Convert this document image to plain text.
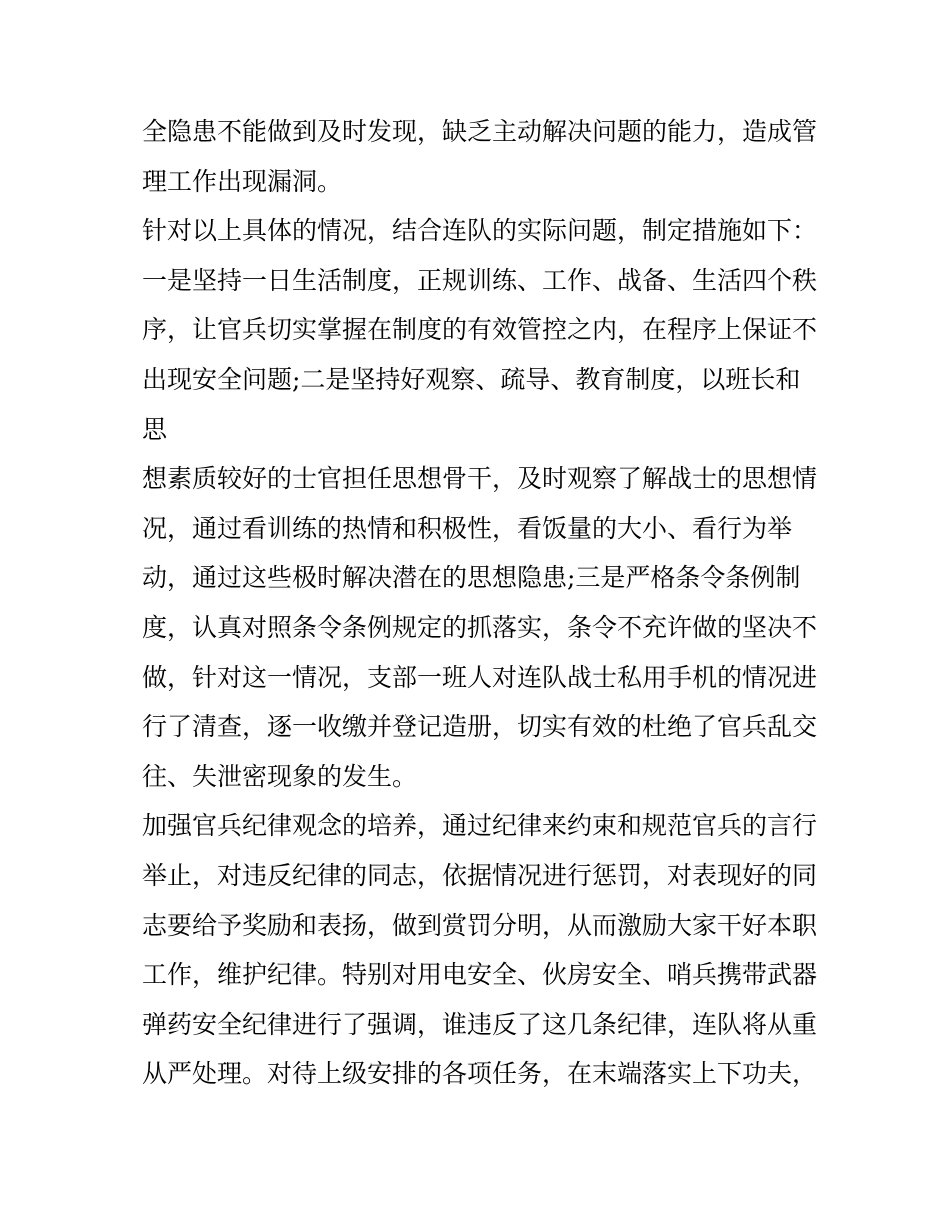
全隐患不能做到及时发现，缺乏主动解决问题的能力，造成管
理工作出现漏洞。
针对以上具体的情况，结合连队的实际问题，制定措施如下：
一是坚持一日生活制度，正规训练、工作、战备、生活四个秩
序，让官兵切实掌握在制度的有效管控之内，在程序上保证不
出现安全问题;二是坚持好观察、疏导、教育制度，以班长和
思
想素质较好的士官担任思想骨干，及时观察了解战士的思想情
况，通过看训练的热情和积极性，看饭量的大小、看行为举
动，通过这些极时解决潜在的思想隐患;三是严格条令条例制
度，认真对照条令条例规定的抓落实，条令不充许做的坚决不
做，针对这一情况，支部一班人对连队战士私用手机的情况进
行了清查，逐一收缴并登记造册，切实有效的杜绝了官兵乱交
往、失泄密现象的发生。
加强官兵纪律观念的培养，通过纪律来约束和规范官兵的言行
举止，对违反纪律的同志，依据情况进行惩罚，对表现好的同
志要给予奖励和表扬，做到赏罚分明，从而激励大家干好本职
工作，维护纪律。特别对用电安全、伙房安全、哨兵携带武器
弹药安全纪律进行了强调，谁违反了这几条纪律，连队将从重
从严处理。对待上级安排的各项任务，在末端落实上下功夫，
